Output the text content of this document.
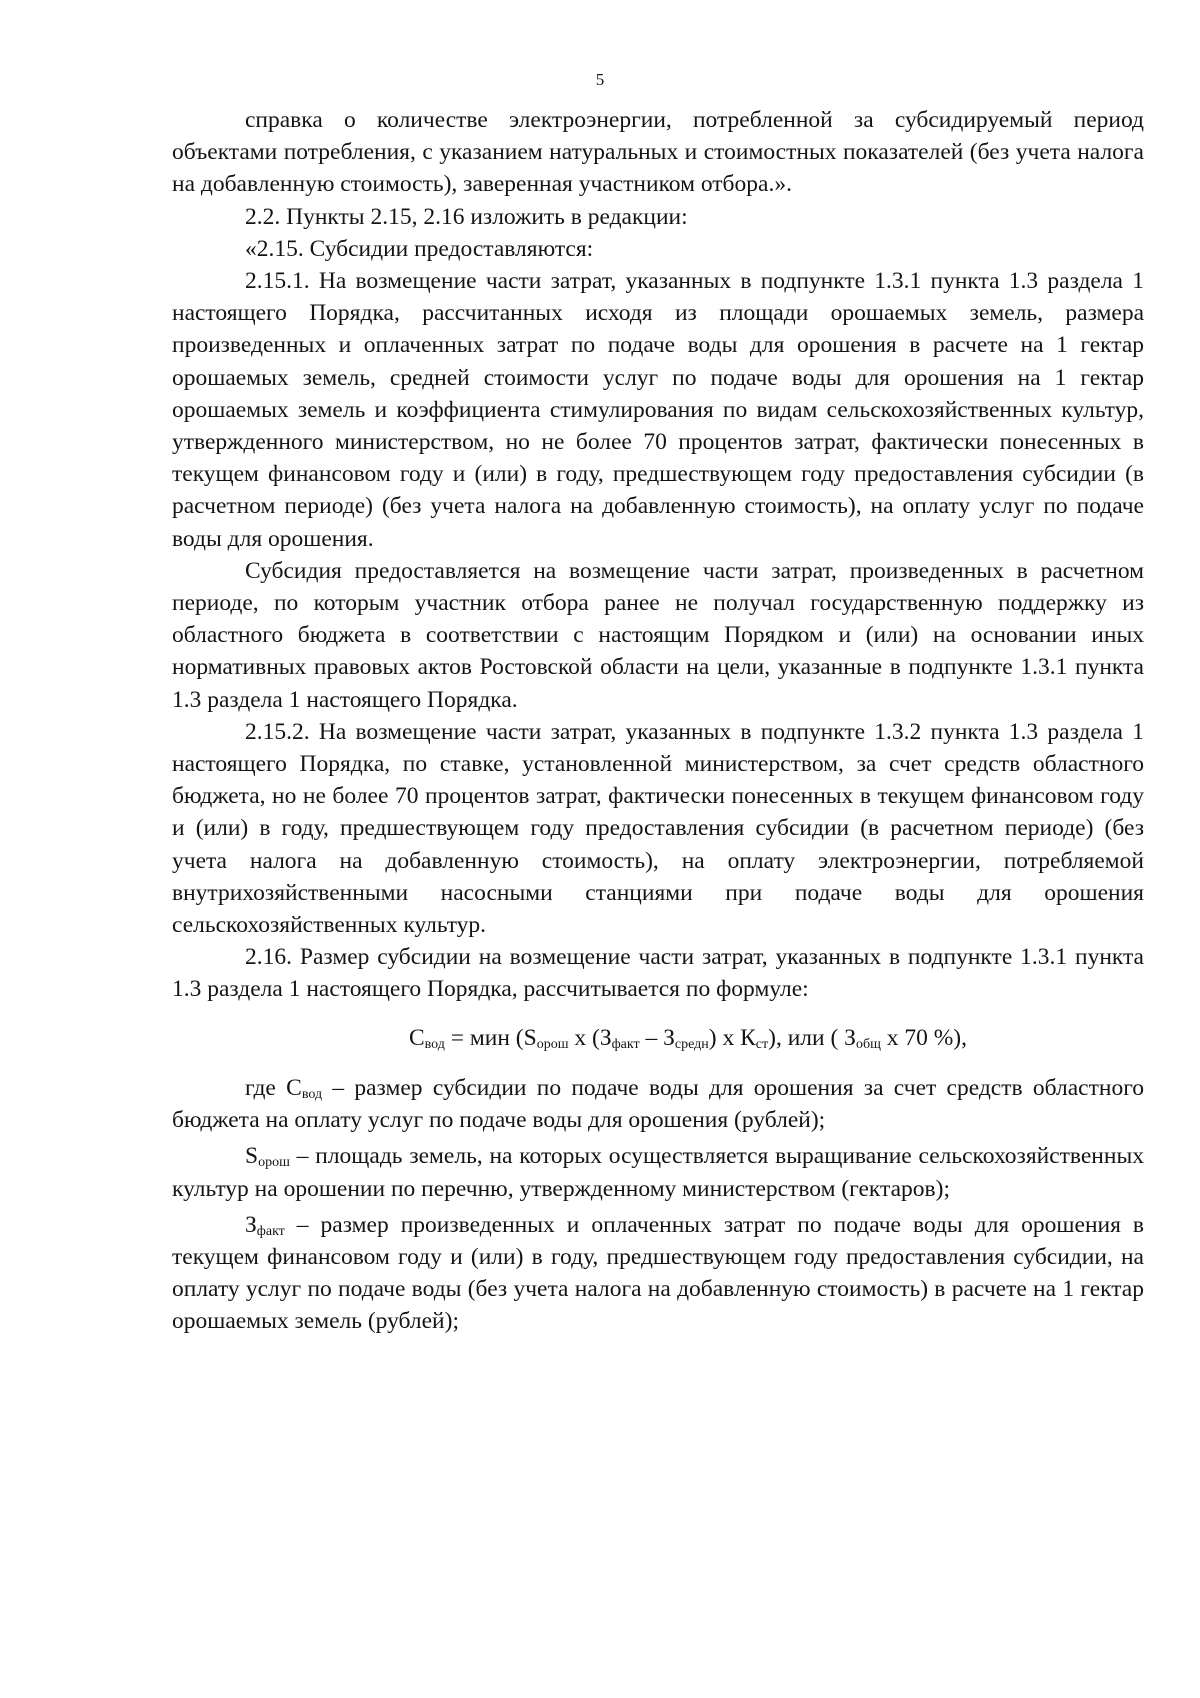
5

справка о количестве электроэнергии, потребленной за субсидируемый период объектами потребления, с указанием натуральных и стоимостных показателей (без учета налога на добавленную стоимость), заверенная участником отбора.».

2.2. Пункты 2.15, 2.16 изложить в редакции:

«2.15. Субсидии предоставляются:

2.15.1. На возмещение части затрат, указанных в подпункте 1.3.1 пункта 1.3 раздела 1 настоящего Порядка, рассчитанных исходя из площади орошаемых земель, размера произведенных и оплаченных затрат по подаче воды для орошения в расчете на 1 гектар орошаемых земель, средней стоимости услуг по подаче воды для орошения на 1 гектар орошаемых земель и коэффициента стимулирования по видам сельскохозяйственных культур, утвержденного министерством, но не более 70 процентов затрат, фактически понесенных в текущем финансовом году и (или) в году, предшествующем году предоставления субсидии (в расчетном периоде) (без учета налога на добавленную стоимость), на оплату услуг по подаче воды для орошения.

Субсидия предоставляется на возмещение части затрат, произведенных в расчетном периоде, по которым участник отбора ранее не получал государственную поддержку из областного бюджета в соответствии с настоящим Порядком и (или) на основании иных нормативных правовых актов Ростовской области на цели, указанные в подпункте 1.3.1 пункта 1.3 раздела 1 настоящего Порядка.

2.15.2. На возмещение части затрат, указанных в подпункте 1.3.2 пункта 1.3 раздела 1 настоящего Порядка, по ставке, установленной министерством, за счет средств областного бюджета, но не более 70 процентов затрат, фактически понесенных в текущем финансовом году и (или) в году, предшествующем году предоставления субсидии (в расчетном периоде) (без учета налога на добавленную стоимость), на оплату электроэнергии, потребляемой внутрихозяйственными насосными станциями при подаче воды для орошения сельскохозяйственных культур.

2.16. Размер субсидии на возмещение части затрат, указанных в подпункте 1.3.1 пункта 1.3 раздела 1 настоящего Порядка, рассчитывается по формуле:

$С_{вод}$ = мин ($S_{орош}$ х $(З_{факт} - З_{средн})$ х $К_{ст}$), или ( $З_{общ}$ х 70 %),

где $С_{вод}$ – размер субсидии по подаче воды для орошения за счет средств областного бюджета на оплату услуг по подаче воды для орошения (рублей);

$S_{орош}$ – площадь земель, на которых осуществляется выращивание сельскохозяйственных культур на орошении по перечню, утвержденному министерством (гектаров);

$З_{факт}$ – размер произведенных и оплаченных затрат по подаче воды для орошения в текущем финансовом году и (или) в году, предшествующем году предоставления субсидии, на оплату услуг по подаче воды (без учета налога на добавленную стоимость) в расчете на 1 гектар орошаемых земель (рублей);
